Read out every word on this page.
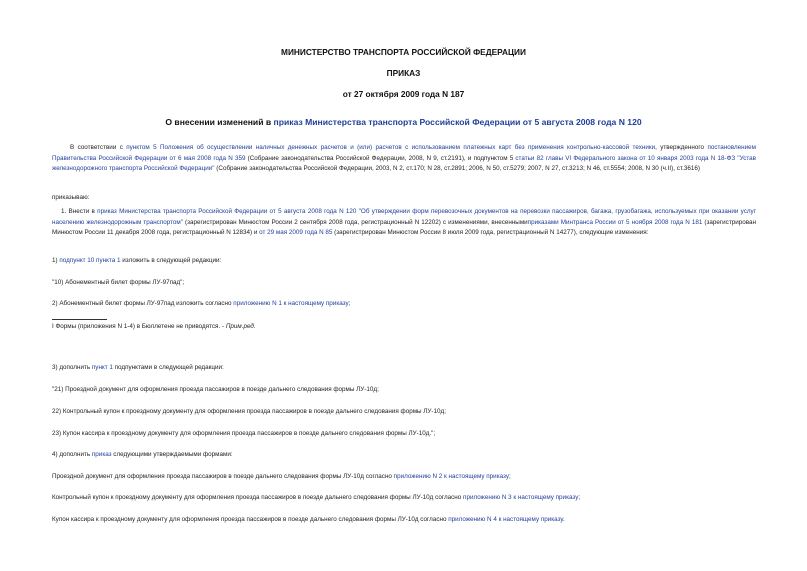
МИНИСТЕРСТВО ТРАНСПОРТА РОССИЙСКОЙ ФЕДЕРАЦИИ
ПРИКАЗ
от 27 октября 2009 года N 187
О внесении изменений в приказ Министерства транспорта Российской Федерации от 5 августа 2008 года N 120

В соответствии с пунктом 5 Положения об осуществлении наличных денежных расчетов и (или) расчетов с использованием платежных карт без применения контрольно-кассовой техники, утвержденного постановлением Правительства Российской Федерации от 6 мая 2008 года N 359 (Собрание законодательства Российской Федерации, 2008, N 9, ст.2191), и подпунктом 5 статьи 82 главы VI Федерального закона от 10 января 2003 года N 18-ФЗ "Устав железнодорожного транспорта Российской Федерации" (Собрание законодательства Российской Федерации, 2003, N 2, ст.170; N 28, ст.2891; 2006, N 50, ст.5279; 2007, N 27, ст.3213; N 46, ст.5554; 2008, N 30 (ч.II), ст.3616)

приказываю:

1. Внести в приказ Министерства транспорта Российской Федерации от 5 августа 2008 года N 120 "Об утверждении форм перевозочных документов на перевозки пассажиров, багажа, грузобагажа, используемых при оказании услуг населению железнодорожным транспортом" (зарегистрирован Минюстом России 2 сентября 2008 года, регистрационный N 12202) с изменениями, внесеннымиприказами Минтранса России от 5 ноября 2008 года N 181 (зарегистрирован Минюстом России 11 декабря 2008 года, регистрационный N 12834) и от 29 мая 2009 года N 85 (зарегистрирован Минюстом России 8 июля 2009 года, регистрационный N 14277), следующие изменения:

1) подпункт 10 пункта 1 изложить в следующей редакции:

"10) Абонементный билет формы ЛУ-97пад";

2) Абонементный билет формы ЛУ-97пад изложить согласно приложению N 1 к настоящему приказу;

I Формы (приложения N 1-4) в Бюллетене не приводятся. - Прим.ред.

3) дополнить пункт 1 подпунктами в следующей редакции:

"21) Проездной документ для оформления проезда пассажиров в поезде дальнего следования формы ЛУ-10д;

22) Контрольный купон к проездному документу для оформления проезда пассажиров в поезде дальнего следования формы ЛУ-10д;

23) Купон кассира к проездному документу для оформления проезда пассажиров в поезде дальнего следования формы ЛУ-10д.";

4) дополнить приказ следующими утверждаемыми формами:

Проездной документ для оформления проезда пассажиров в поезде дальнего следования формы ЛУ-10д согласно приложению N 2 к настоящему приказу;

Контрольный купон к проездному документу для оформления проезда пассажиров в поезде дальнего следования формы ЛУ-10д согласно приложению N 3 к настоящему приказу;

Купон кассира к проездному документу для оформления проезда пассажиров в поезде дальнего следования формы ЛУ-10д согласно приложению N 4 к настоящему приказу.
